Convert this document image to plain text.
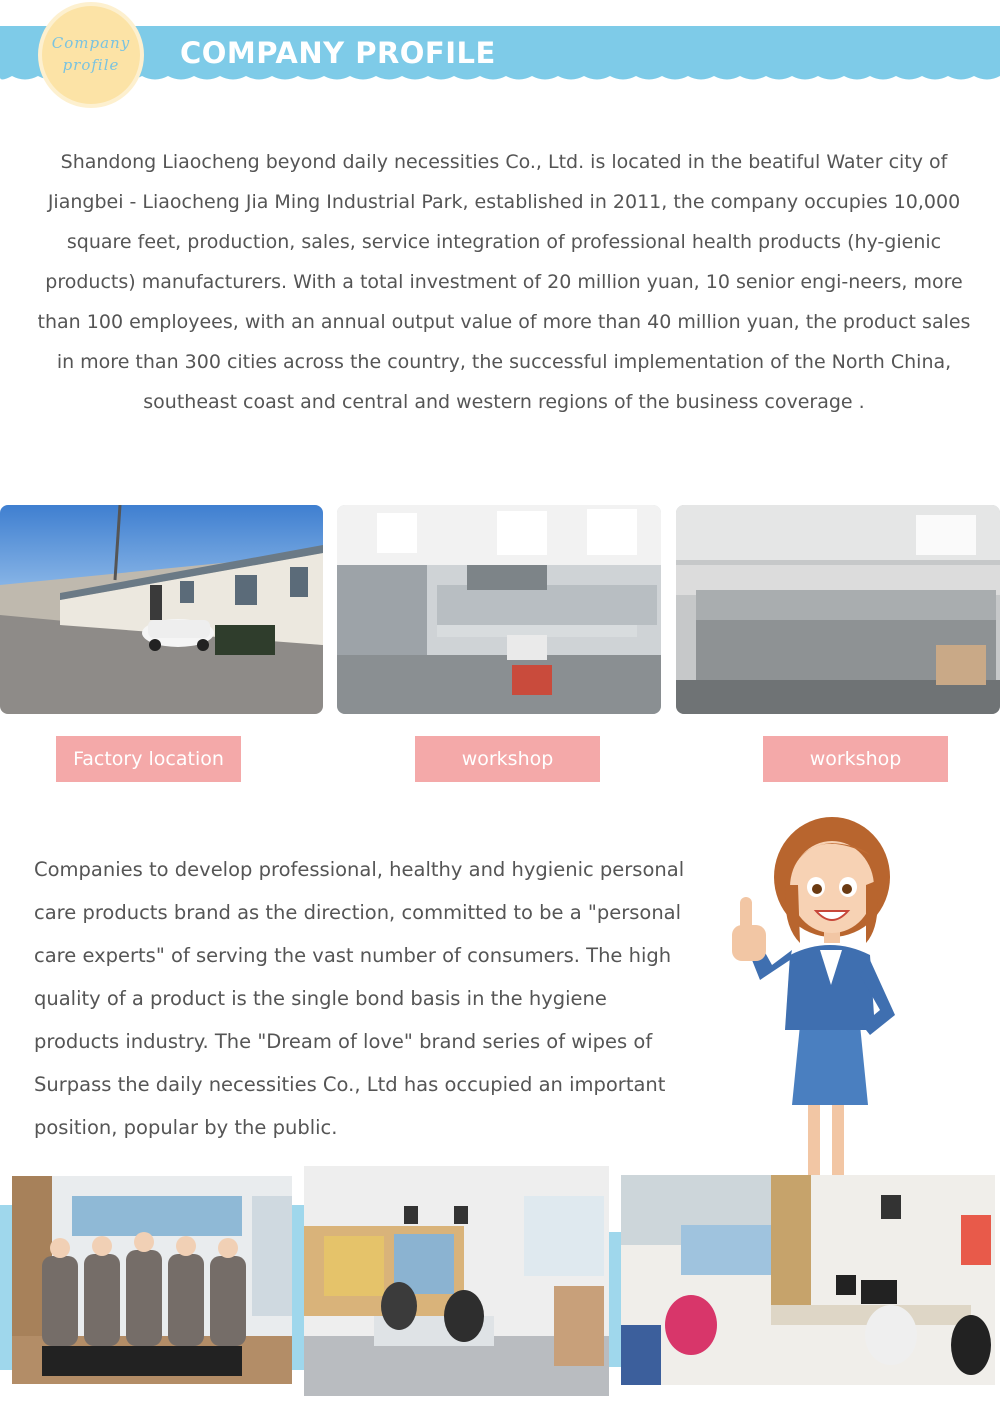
COMPANY PROFILE
Company
profile

Shandong Liaocheng beyond daily necessities Co., Ltd. is located in the beatiful Water city of Jiangbei - Liaocheng Jia Ming Industrial Park, established in 2011, the company occupies 10,000 square feet, production, sales, service integration of professional health products (hy-gienic products) manufacturers. With a total investment of 20 million yuan, 10 senior engi-neers, more than 100 employees, with an annual output value of more than 40 million yuan, the product sales in more than 300 cities across the country, the successful implementation of the North China, southeast coast and central and western regions of the business coverage .

Factory location	workshop	workshop

Companies to develop professional, healthy and hygienic personal care products brand as the direction, committed to be a "personal care experts" of serving the vast number of consumers. The high quality of a product is the single bond basis in the hygiene products industry. The "Dream of love" brand series of wipes of Surpass the daily necessities Co., Ltd has occupied an important position, popular by the public.
